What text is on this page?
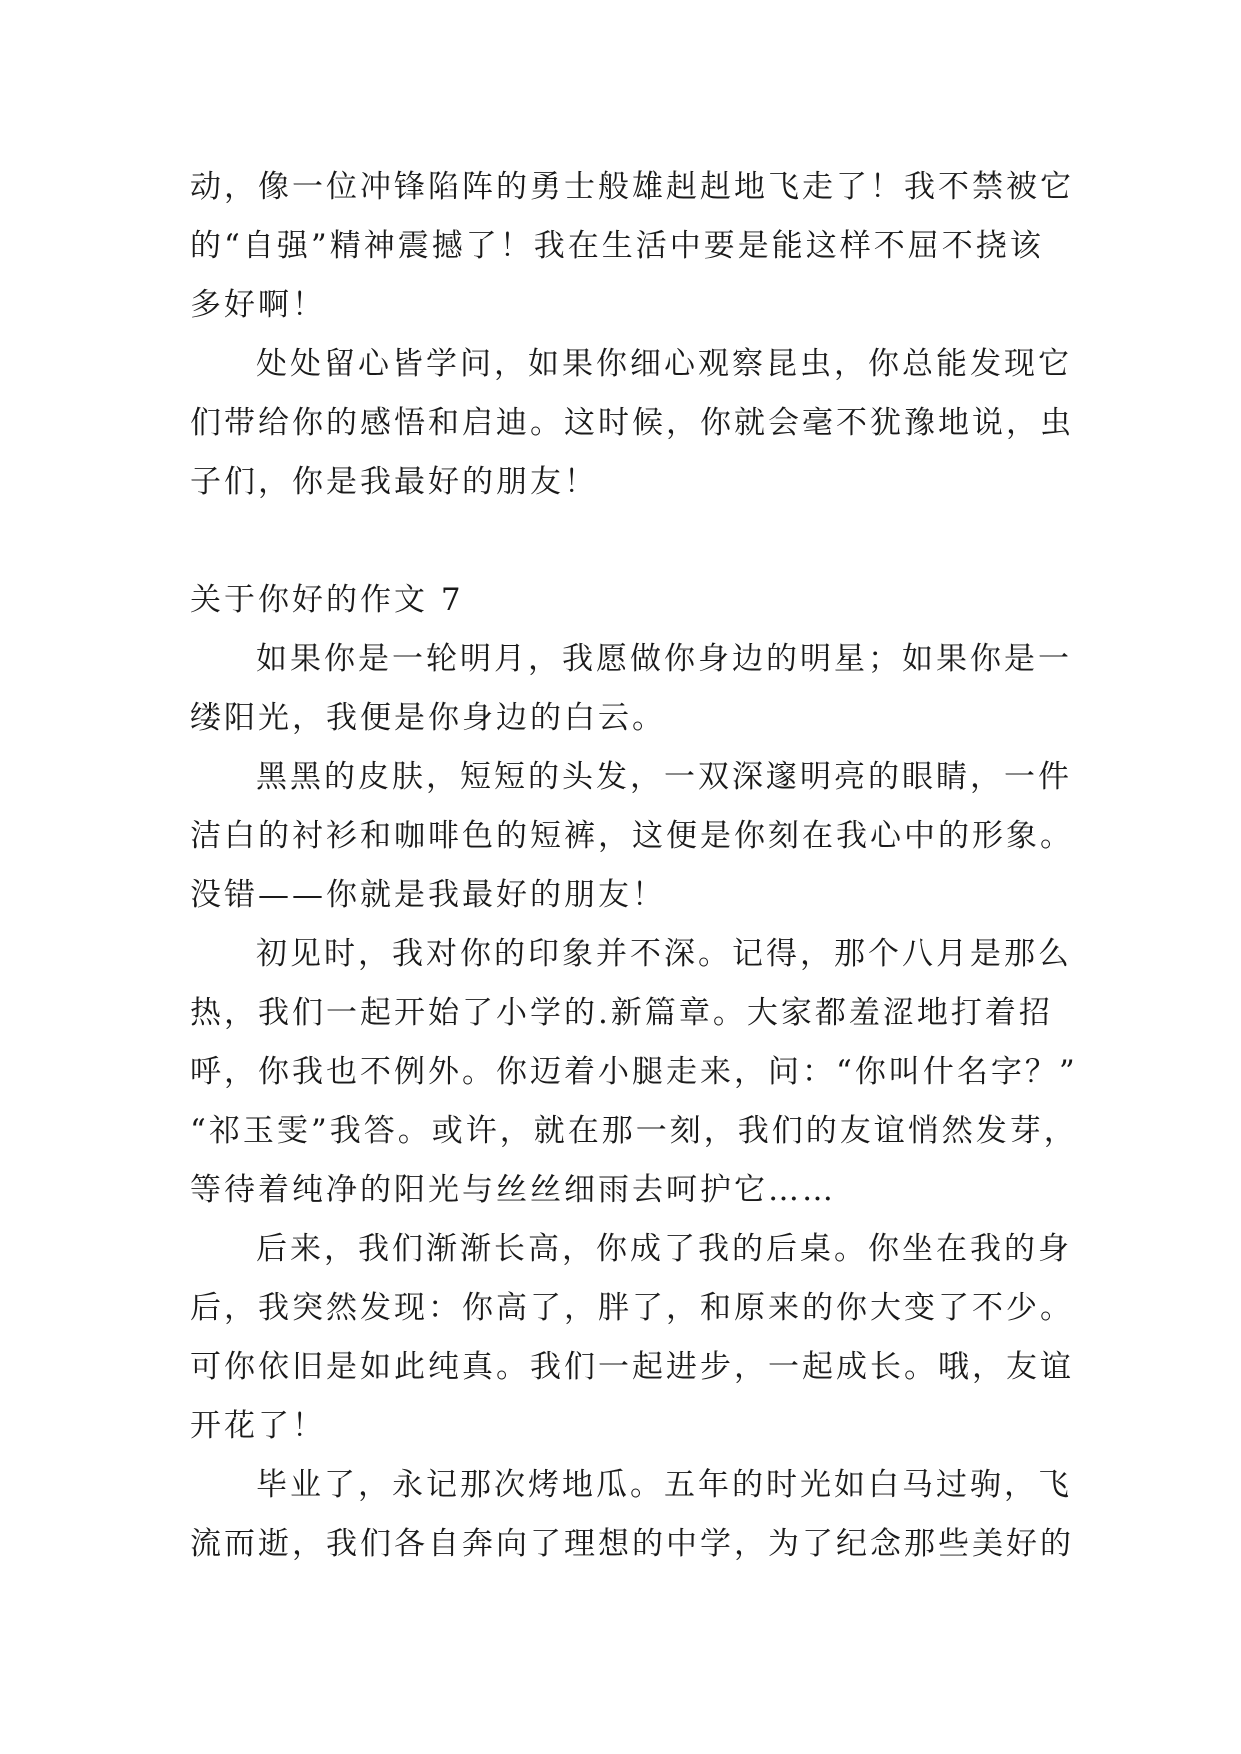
动，像一位冲锋陷阵的勇士般雄赳赳地飞走了！我不禁被它
的“自强”精神震撼了！我在生活中要是能这样不屈不挠该
多好啊！
处处留心皆学问，如果你细心观察昆虫，你总能发现它
们带给你的感悟和启迪。这时候，你就会毫不犹豫地说，虫
子们，你是我最好的朋友！
关于你好的作文 7
如果你是一轮明月，我愿做你身边的明星；如果你是一
缕阳光，我便是你身边的白云。
黑黑的皮肤，短短的头发，一双深邃明亮的眼睛，一件
洁白的衬衫和咖啡色的短裤，这便是你刻在我心中的形象。
没错——你就是我最好的朋友！
初见时，我对你的印象并不深。记得，那个八月是那么
热，我们一起开始了小学的.新篇章。大家都羞涩地打着招
呼，你我也不例外。你迈着小腿走来，问：“你叫什名字？”
“祁玉雯”我答。或许，就在那一刻，我们的友谊悄然发芽，
等待着纯净的阳光与丝丝细雨去呵护它……
后来，我们渐渐长高，你成了我的后桌。你坐在我的身
后，我突然发现：你高了，胖了，和原来的你大变了不少。
可你依旧是如此纯真。我们一起进步，一起成长。哦，友谊
开花了！
毕业了，永记那次烤地瓜。五年的时光如白马过驹，飞
流而逝，我们各自奔向了理想的中学，为了纪念那些美好的
